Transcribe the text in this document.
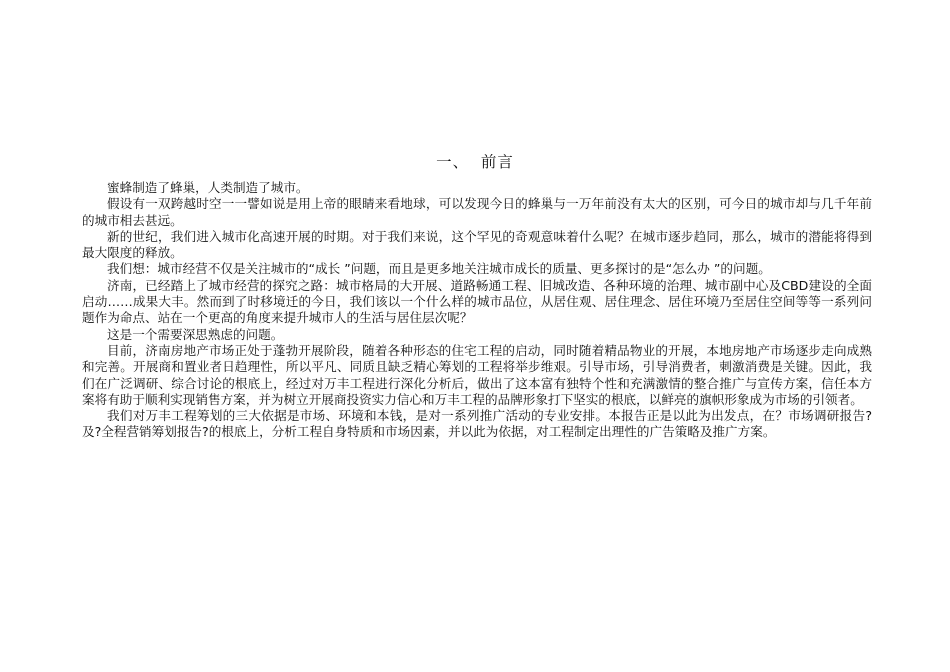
一、  前言

蜜蜂制造了蜂巢，人类制造了城市。

假设有一双跨越时空一一譬如说是用上帝的眼睛来看地球，可以发现今日的蜂巢与一万年前没有太大的区别，可今日的城市却与几千年前的城市相去甚远。

新的世纪，我们进入城市化高速开展的时期。对于我们来说，这个罕见的奇观意味着什么呢？在城市逐步趋同，那么，城市的潜能将得到最大限度的释放。

我们想：城市经营不仅是关注城市的“成长 ”问题，而且是更多地关注城市成长的质量、更多探讨的是“怎么办 ”的问题。

济南，已经踏上了城市经营的探究之路：城市格局的大开展、道路畅通工程、旧城改造、各种环境的治理、城市副中心及CBD建设的全面启动……成果大丰。然而到了时移境迁的今日，我们该以一个什么样的城市品位，从居住观、居住理念、居住环境乃至居住空间等等一系列问题作为命点、站在一个更高的角度来提升城市人的生活与居住层次呢？

这是一个需要深思熟虑的问题。

目前，济南房地产市场正处于蓬勃开展阶段，随着各种形态的住宅工程的启动，同时随着精品物业的开展，本地房地产市场逐步走向成熟和完善。开展商和置业者日趋理性，所以平凡、同质且缺乏精心筹划的工程将举步维艰。引导市场，引导消费者，刺激消费是关键。因此，我们在广泛调研、综合讨论的根底上，经过对万丰工程进行深化分析后，做出了这本富有独特个性和充满激情的整合推广与宣传方案，信任本方案将有助于顺利实现销售方案，并为树立开展商投资实力信心和万丰工程的品牌形象打下坚实的根底，以鲜亮的旗帜形象成为市场的引领者。

我们对万丰工程筹划的三大依据是市场、环境和本钱，是对一系列推广活动的专业安排。本报告正是以此为出发点，在？市场调研报告?及?全程营销筹划报告?的根底上，分析工程自身特质和市场因素，并以此为依据，对工程制定出理性的广告策略及推广方案。
